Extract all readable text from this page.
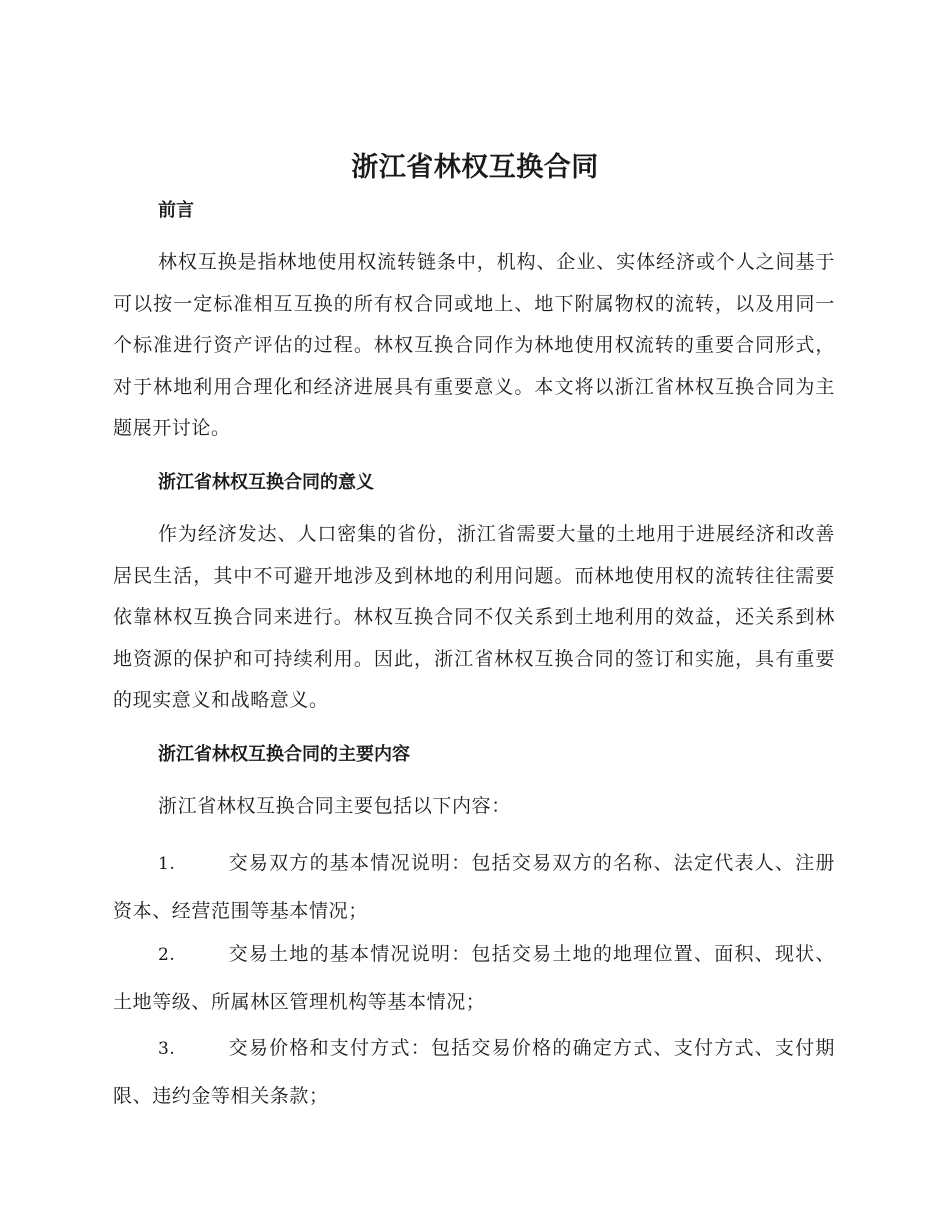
浙江省林权互换合同
前言

林权互换是指林地使用权流转链条中，机构、企业、实体经济或个人之间基于可以按一定标准相互互换的所有权合同或地上、地下附属物权的流转，以及用同一个标准进行资产评估的过程。林权互换合同作为林地使用权流转的重要合同形式，对于林地利用合理化和经济进展具有重要意义。本文将以浙江省林权互换合同为主题展开讨论。

浙江省林权互换合同的意义

作为经济发达、人口密集的省份，浙江省需要大量的土地用于进展经济和改善居民生活，其中不可避开地涉及到林地的利用问题。而林地使用权的流转往往需要依靠林权互换合同来进行。林权互换合同不仅关系到土地利用的效益，还关系到林地资源的保护和可持续利用。因此，浙江省林权互换合同的签订和实施，具有重要的现实意义和战略意义。

浙江省林权互换合同的主要内容

浙江省林权互换合同主要包括以下内容：

1.	交易双方的基本情况说明：包括交易双方的名称、法定代表人、注册资本、经营范围等基本情况；
2.	交易土地的基本情况说明：包括交易土地的地理位置、面积、现状、土地等级、所属林区管理机构等基本情况；
3.	交易价格和支付方式：包括交易价格的确定方式、支付方式、支付期限、违约金等相关条款；
